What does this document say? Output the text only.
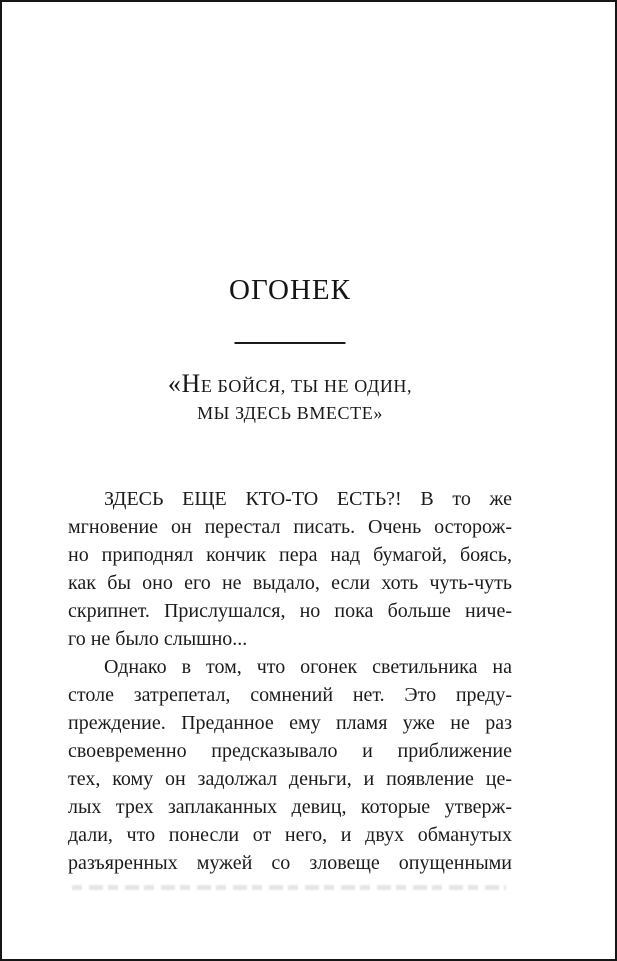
ОГОНЕК
«НЕ БОЙСЯ, ТЫ НЕ ОДИН,
МЫ ЗДЕСЬ ВМЕСТЕ»
ЗДЕСЬ ЕЩЕ КТО-ТО ЕСТЬ?! В то же
мгновение он перестал писать. Очень осторож-
но приподнял кончик пера над бумагой, боясь,
как бы оно его не выдало, если хоть чуть-чуть
скрипнет. Прислушался, но пока больше ниче-
го не было слышно...
Однако в том, что огонек светильника на
столе затрепетал, сомнений нет. Это преду-
преждение. Преданное ему пламя уже не раз
своевременно предсказывало и приближение
тех, кому он задолжал деньги, и появление це-
лых трех заплаканных девиц, которые утверж-
дали, что понесли от него, и двух обманутых
разъяренных мужей со зловеще опущенными
